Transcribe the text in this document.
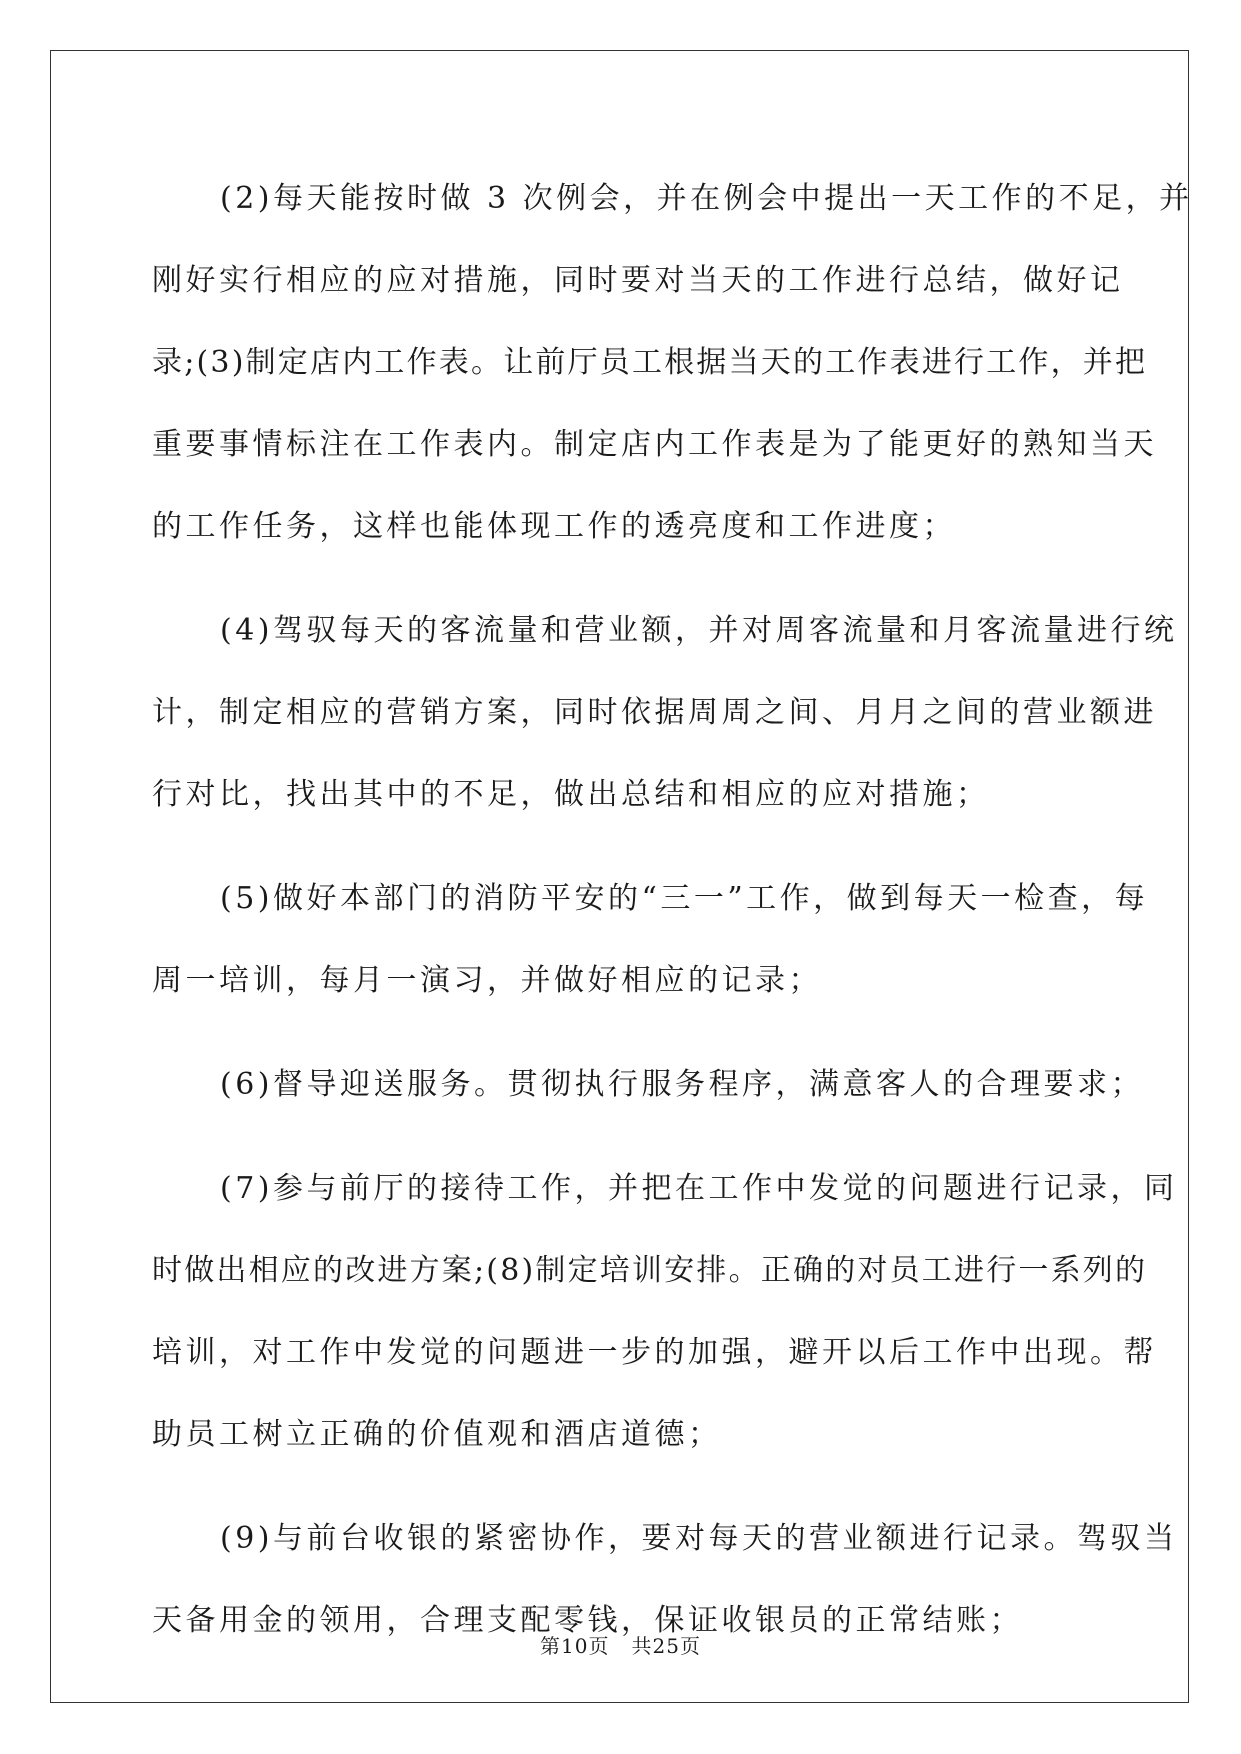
(2)每天能按时做 3 次例会，并在例会中提出一天工作的不足，并
刚好实行相应的应对措施，同时要对当天的工作进行总结，做好记
录;(3)制定店内工作表。让前厅员工根据当天的工作表进行工作，并把
重要事情标注在工作表内。制定店内工作表是为了能更好的熟知当天
的工作任务，这样也能体现工作的透亮度和工作进度；

(4)驾驭每天的客流量和营业额，并对周客流量和月客流量进行统
计，制定相应的营销方案，同时依据周周之间、月月之间的营业额进
行对比，找出其中的不足，做出总结和相应的应对措施；

(5)做好本部门的消防平安的“三一”工作，做到每天一检查，每
周一培训，每月一演习，并做好相应的记录；

(6)督导迎送服务。贯彻执行服务程序，满意客人的合理要求；

(7)参与前厅的接待工作，并把在工作中发觉的问题进行记录，同
时做出相应的改进方案;(8)制定培训安排。正确的对员工进行一系列的
培训，对工作中发觉的问题进一步的加强，避开以后工作中出现。帮
助员工树立正确的价值观和酒店道德；

(9)与前台收银的紧密协作，要对每天的营业额进行记录。驾驭当
天备用金的领用，合理支配零钱，保证收银员的正常结账；

第10页 共25页
